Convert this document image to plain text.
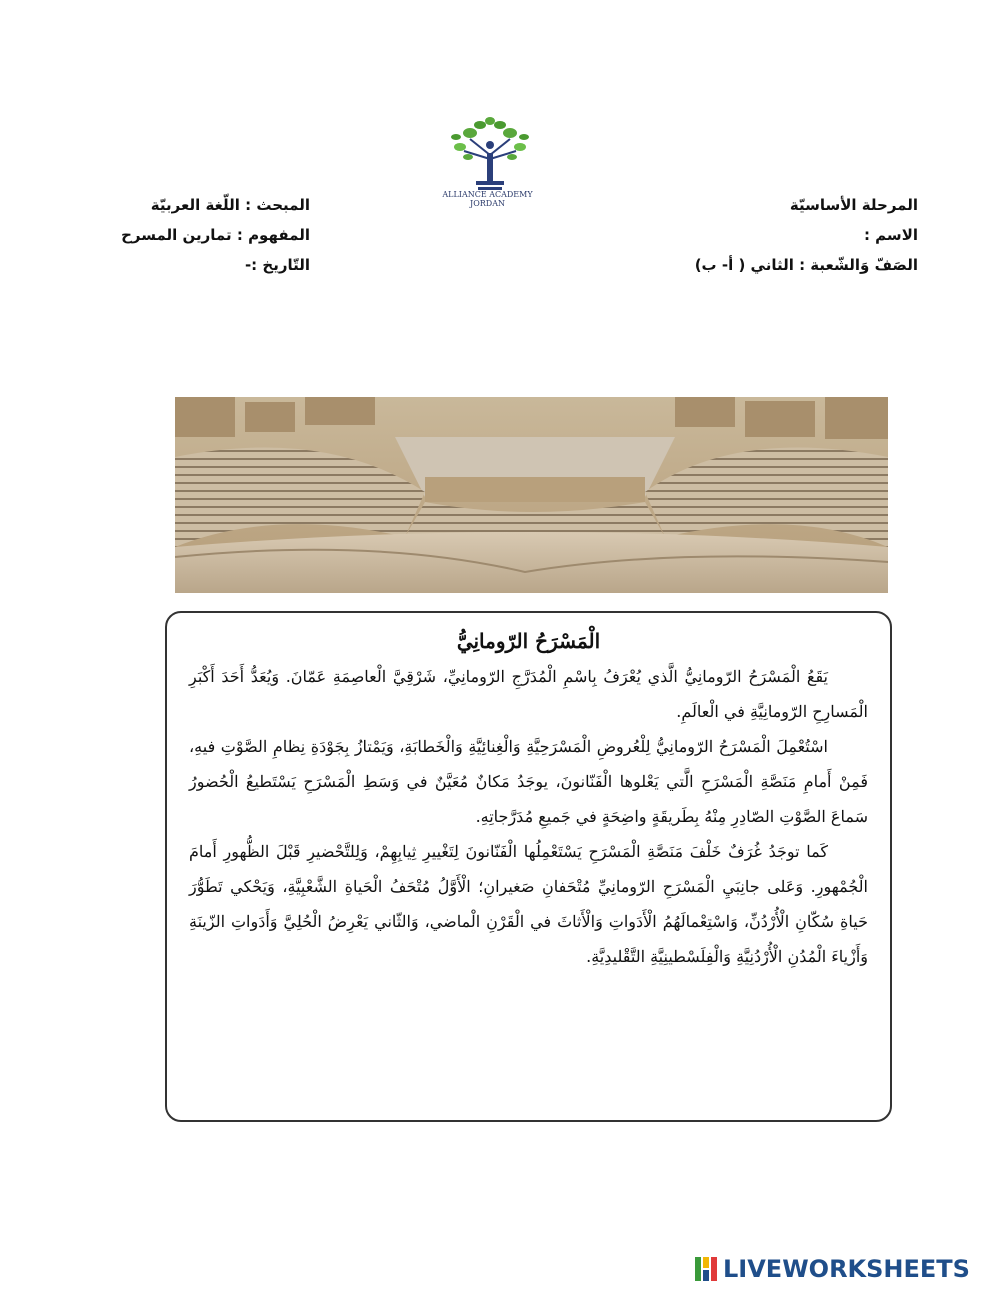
ALLIANCE ACADEMY
JORDAN	المرحلة الأساسيّة
الاسم :
الصَفّ وَالشّعبة : الثاني ( أ- ب)
المبحث : اللّغة العربيّة
المفهوم : تمارين المسرح
التّاريخ :-
الْمَسْرَحُ الرّومانِيُّ

يَقَعُ الْمَسْرَحُ الرّومانِيُّ الَّذي يُعْرَفُ بِاسْمِ الْمُدَرَّجِ الرّومانِيِّ، شَرْقِيَّ الْعاصِمَةِ عَمّانَ. وَيُعَدُّ أَحَدَ أَكْبَرِ الْمَسارِحِ الرّومانِيَّةِ في الْعالَمِ.

اسْتُعْمِلَ الْمَسْرَحُ الرّومانِيُّ لِلْعُروضِ الْمَسْرَحِيَّةِ وَالْغِنائِيَّةِ وَالْخَطابَةِ، وَيَمْتازُ بِجَوْدَةِ نِظامِ الصَّوْتِ فيهِ، فَمِنْ أَمامِ مَنَصَّةِ الْمَسْرَحِ الَّتي يَعْلوها الْفَنّانونَ، يوجَدُ مَكانٌ مُعَيَّنٌ في وَسَطِ الْمَسْرَحِ يَسْتَطيعُ الْحُضورُ سَماعَ الصَّوْتِ الصّادِرِ مِنْهُ بِطَريقَةٍ واضِحَةٍ في جَميعِ مُدَرَّجاتِهِ.

كَما توجَدُ غُرَفٌ خَلْفَ مَنَصَّةِ الْمَسْرَحِ يَسْتَعْمِلُها الْفَنّانونَ لِتَغْييرِ ثِيابِهِمْ، وَلِلتَّحْضيرِ قَبْلَ الظُّهورِ أَمامَ الْجُمْهورِ. وَعَلى جانِبَيِ الْمَسْرَحِ الرّومانِيِّ مُتْحَفانِ صَغيرانِ؛ الْأَوَّلُ مُتْحَفُ الْحَياةِ الشَّعْبِيَّةِ، وَيَحْكي تَطَوُّرَ حَياةِ سُكّانِ الْأُرْدُنِّ، وَاسْتِعْمالَهُمُ الْأَدَواتِ وَالْأَثاثَ في الْقَرْنِ الْماضي، وَالثّاني يَعْرِضُ الْحُلِيَّ وَأَدَواتِ الزّينَةِ وَأَزْياءَ الْمُدُنِ الْأُرْدُنِيَّةِ وَالْفِلَسْطينِيَّةِ التَّقْليدِيَّةِ.

LIVEWORKSHEETS
